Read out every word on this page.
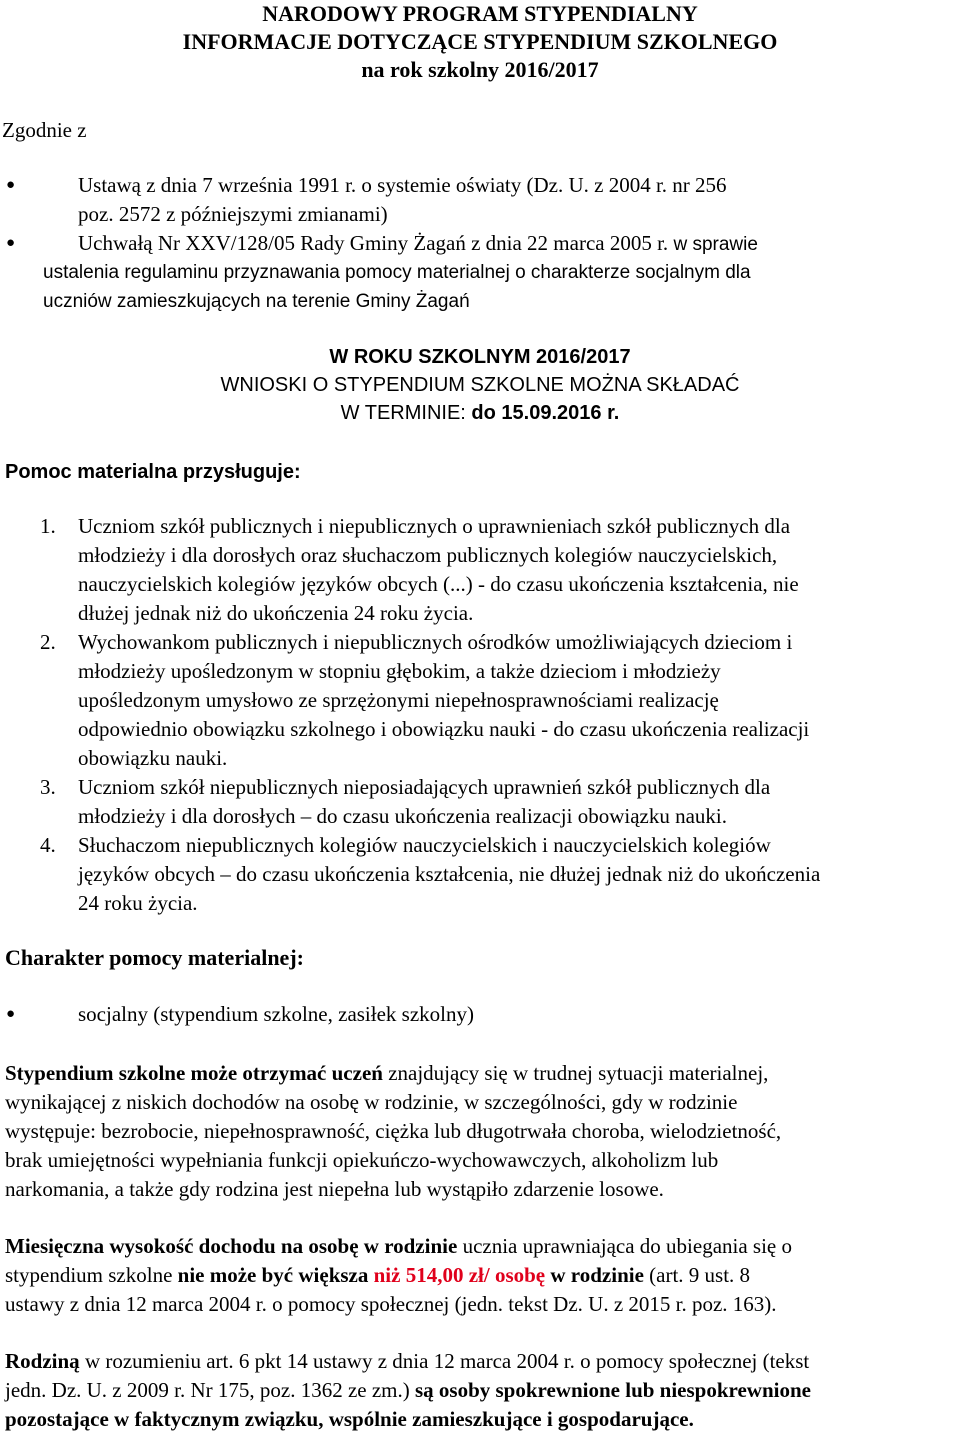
NARODOWY PROGRAM STYPENDIALNY
INFORMACJE DOTYCZĄCE STYPENDIUM SZKOLNEGO
na rok szkolny 2016/2017
Zgodnie z
●	Ustawą z dnia 7 września 1991 r. o systemie oświaty (Dz. U. z 2004 r. nr 256
poz. 2572 z późniejszymi zmianami)
●	Uchwałą Nr XXV/128/05 Rady Gminy Żagań z dnia 22 marca 2005 r. w sprawie
ustalenia regulaminu przyznawania pomocy materialnej o charakterze socjalnym dla
uczniów zamieszkujących na terenie Gminy Żagań
W ROKU SZKOLNYM 2016/2017
WNIOSKI O STYPENDIUM SZKOLNE MOŻNA SKŁADAĆ
W TERMINIE: do 15.09.2016 r.
Pomoc materialna przysługuje:
1. Uczniom szkół publicznych i niepublicznych o uprawnieniach szkół publicznych dla
młodzieży i dla dorosłych oraz słuchaczom publicznych kolegiów nauczycielskich,
nauczycielskich kolegiów języków obcych (...) - do czasu ukończenia kształcenia, nie
dłużej jednak niż do ukończenia 24 roku życia.
2. Wychowankom publicznych i niepublicznych ośrodków umożliwiających dzieciom i
młodzieży upośledzonym w stopniu głębokim, a także dzieciom i młodzieży
upośledzonym umysłowo ze sprzężonymi niepełnosprawnościami realizację
odpowiednio obowiązku szkolnego i obowiązku nauki - do czasu ukończenia realizacji
obowiązku nauki.
3. Uczniom szkół niepublicznych nieposiadających uprawnień szkół publicznych dla
młodzieży i dla dorosłych – do czasu ukończenia realizacji obowiązku nauki.
4. Słuchaczom niepublicznych kolegiów nauczycielskich i nauczycielskich kolegiów
języków obcych – do czasu ukończenia kształcenia, nie dłużej jednak niż do ukończenia
24 roku życia.
Charakter pomocy materialnej:
●	socjalny (stypendium szkolne, zasiłek szkolny)
Stypendium szkolne może otrzymać uczeń znajdujący się w trudnej sytuacji materialnej,
wynikającej z niskich dochodów na osobę w rodzinie, w szczególności, gdy w rodzinie
występuje: bezrobocie, niepełnosprawność, ciężka lub długotrwała choroba, wielodzietność,
brak umiejętności wypełniania funkcji opiekuńczo-wychowawczych, alkoholizm lub
narkomania, a także gdy rodzina jest niepełna lub wystąpiło zdarzenie losowe.
Miesięczna wysokość dochodu na osobę w rodzinie ucznia uprawniająca do ubiegania się o
stypendium szkolne nie może być większa niż 514,00 zł/ osobę w rodzinie (art. 9 ust. 8
ustawy z dnia 12 marca 2004 r. o pomocy społecznej (jedn. tekst Dz. U. z 2015 r. poz. 163).
Rodziną w rozumieniu art. 6 pkt 14 ustawy z dnia 12 marca 2004 r. o pomocy społecznej (tekst
jedn. Dz. U. z 2009 r. Nr 175, poz. 1362 ze zm.) są osoby spokrewnione lub niespokrewnione
pozostające w faktycznym związku, wspólnie zamieszkujące i gospodarujące.
